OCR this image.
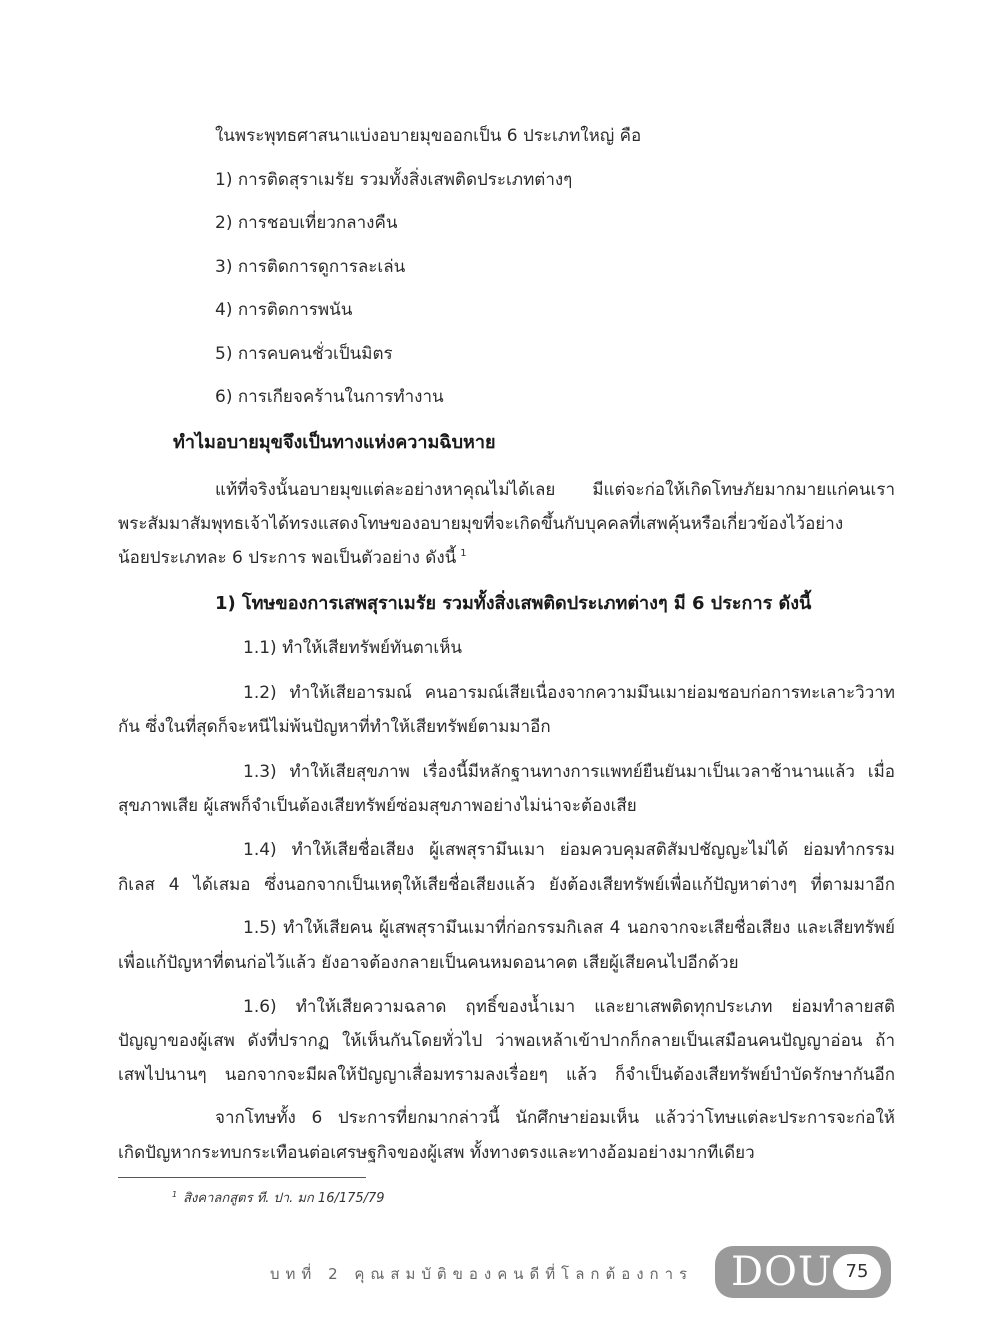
ในพระพุทธศาสนาแบ่งอบายมุขออกเป็น 6 ประเภทใหญ่ คือ
1) การติดสุราเมรัย รวมทั้งสิ่งเสพติดประเภทต่างๆ
2) การชอบเที่ยวกลางคืน
3) การติดการดูการละเล่น
4) การติดการพนัน
5) การคบคนชั่วเป็นมิตร
6) การเกียจคร้านในการทำงาน
ทำไมอบายมุขจึงเป็นทางแห่งความฉิบหาย
แท้ที่จริงนั้นอบายมุขแต่ละอย่างหาคุณไม่ได้เลย มีแต่จะก่อให้เกิดโทษภัยมากมายแก่คนเรา
พระสัมมาสัมพุทธเจ้าได้ทรงแสดงโทษของอบายมุขที่จะเกิดขึ้นกับบุคคลที่เสพคุ้นหรือเกี่ยวข้องไว้อย่าง
น้อยประเภทละ 6 ประการ พอเป็นตัวอย่าง ดังนี้ $^1$
1) โทษของการเสพสุราเมรัย รวมทั้งสิ่งเสพติดประเภทต่างๆ มี 6 ประการ ดังนี้
1.1) ทำให้เสียทรัพย์ทันตาเห็น
1.2) ทำให้เสียอารมณ์ คนอารมณ์เสียเนื่องจากความมึนเมาย่อมชอบก่อการทะเลาะวิวาท
กัน ซึ่งในที่สุดก็จะหนีไม่พ้นปัญหาที่ทำให้เสียทรัพย์ตามมาอีก
1.3) ทำให้เสียสุขภาพ เรื่องนี้มีหลักฐานทางการแพทย์ยืนยันมาเป็นเวลาช้านานแล้ว เมื่อ
สุขภาพเสีย ผู้เสพก็จำเป็นต้องเสียทรัพย์ซ่อมสุขภาพอย่างไม่น่าจะต้องเสีย
1.4) ทำให้เสียชื่อเสียง ผู้เสพสุรามึนเมา ย่อมควบคุมสติสัมปชัญญะไม่ได้ ย่อมทำกรรม
กิเลส 4 ได้เสมอ ซึ่งนอกจากเป็นเหตุให้เสียชื่อเสียงแล้ว ยังต้องเสียทรัพย์เพื่อแก้ปัญหาต่างๆ ที่ตามมาอีก
1.5) ทำให้เสียคน ผู้เสพสุรามึนเมาที่ก่อกรรมกิเลส 4 นอกจากจะเสียชื่อเสียง และเสียทรัพย์
เพื่อแก้ปัญหาที่ตนก่อไว้แล้ว ยังอาจต้องกลายเป็นคนหมดอนาคต เสียผู้เสียคนไปอีกด้วย
1.6) ทำให้เสียความฉลาด ฤทธิ์ของน้ำเมา และยาเสพติดทุกประเภท ย่อมทำลายสติ
ปัญญาของผู้เสพ ดังที่ปรากฏ ให้เห็นกันโดยทั่วไป ว่าพอเหล้าเข้าปากก็กลายเป็นเสมือนคนปัญญาอ่อน ถ้า
เสพไปนานๆ นอกจากจะมีผลให้ปัญญาเสื่อมทรามลงเรื่อยๆ แล้ว ก็จำเป็นต้องเสียทรัพย์บำบัดรักษากันอีก
จากโทษทั้ง 6 ประการที่ยกมากล่าวนี้ นักศึกษาย่อมเห็น แล้วว่าโทษแต่ละประการจะก่อให้
เกิดปัญหากระทบกระเทือนต่อเศรษฐกิจของผู้เสพ ทั้งทางตรงและทางอ้อมอย่างมากทีเดียว
$^1$ สิงคาลกสูตร ที. ปา. มก 16/175/79
บทที่ 2 คุณสมบัติของคนดีที่โลกต้องการ DOU 75
